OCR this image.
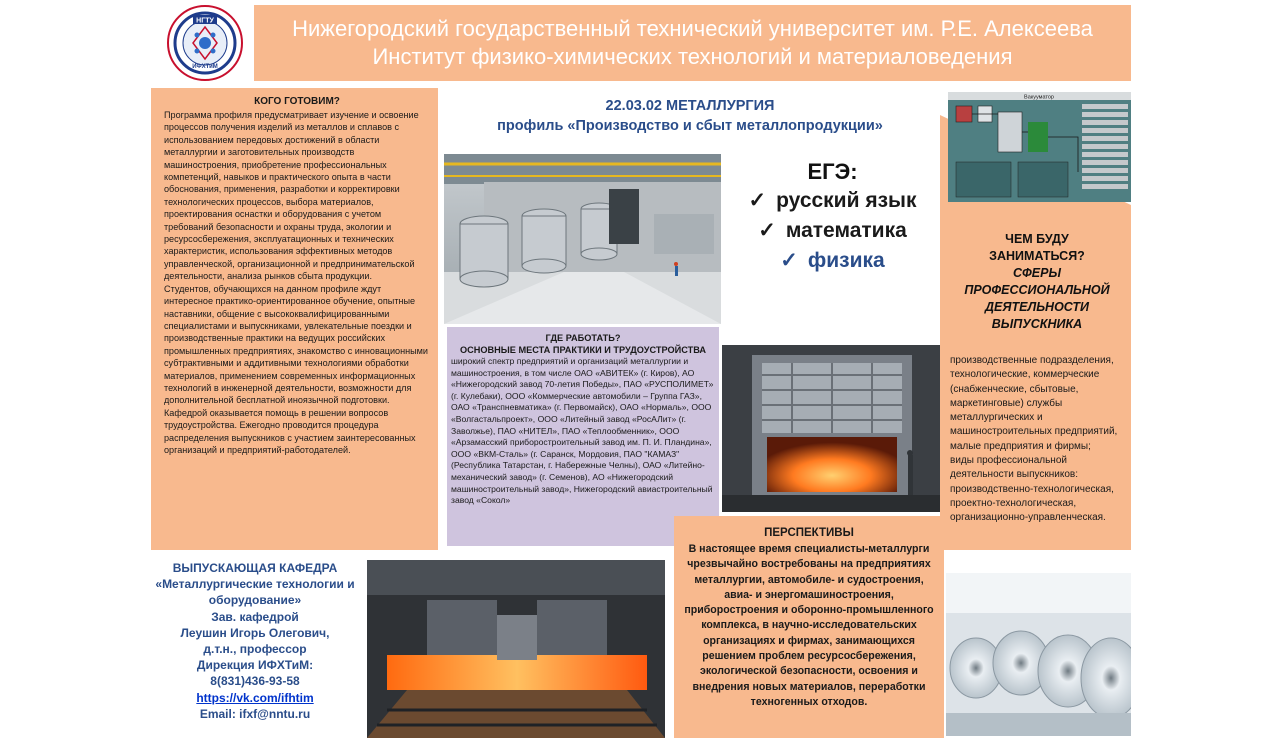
НГТУ
ИФХТиМ
Нижегородский государственный технический университет им. Р.Е. Алексеева
Институт физико-химических технологий и материаловедения
КОГО ГОТОВИМ?

Программа профиля предусматривает изучение и освоение процессов получения изделий из металлов и сплавов с использованием передовых достижений в области металлургии и заготовительных производств машиностроения, приобретение профессиональных компетенций, навыков и практического опыта в части обоснования, применения, разработки и корректировки технологических процессов, выбора материалов, проектирования оснастки и оборудования с учетом требований безопасности и охраны труда, экологии и ресурсосбережения, эксплуатационных и технических характеристик, использования эффективных методов управленческой, организационной и предпринимательской деятельности, анализа рынков сбыта продукции.

Студентов, обучающихся на данном профиле ждут интересное практико-ориентированное обучение, опытные наставники, общение с высококвалифицированными специалистами и выпускниками, увлекательные поездки и производственные практики на ведущих российских промышленных предприятиях, знакомство с инновационными субтрактивными и аддитивными технологиями обработки материалов, применением современных информационных технологий в инженерной деятельности, возможности для дополнительной бесплатной иноязычной подготовки.

Кафедрой оказывается помощь в решении вопросов трудоустройства. Ежегодно проводится процедура распределения выпускников с участием заинтересованных организаций и предприятий-работодателей.

22.03.02 МЕТАЛЛУРГИЯ
профиль «Производство и сбыт металлопродукции»
ЕГЭ:
✓ русский язык
✓ математика
✓ физика
ГДЕ РАБОТАТЬ?
ОСНОВНЫЕ МЕСТА ПРАКТИКИ И ТРУДОУСТРОЙСТВА

широкий спектр предприятий и организаций металлургии и машиностроения, в том числе ОАО «АВИТЕК» (г. Киров), АО «Нижегородский завод 70-летия Победы», ПАО «РУСПОЛИМЕТ» (г. Кулебаки), ООО «Коммерческие автомобили – Группа ГАЗ», ОАО «Транспневматика» (г. Первомайск), ОАО «Нормаль», ООО «Волгастальпроект», ООО «Литейный завод «РосАЛит» (г. Заволжье), ПАО «НИТЕЛ», ПАО «Теплообменник», ООО «Арзамасский приборостроительный завод им. П. И. Пландина», ООО «ВКМ-Сталь» (г. Саранск, Мордовия, ПАО "КАМАЗ" (Республика Татарстан, г. Набережные Челны), ОАО «Литейно-механический завод» (г. Семенов), АО «Нижегородский машиностроительный завод», Нижегородский авиастроительный завод «Сокол»

Вакууматор
ЧЕМ БУДУ
ЗАНИМАТЬСЯ?
СФЕРЫ
ПРОФЕССИОНАЛЬНОЙ
ДЕЯТЕЛЬНОСТИ
ВЫПУСКНИКА
производственные подразделения, технологические, коммерческие (снабженческие, сбытовые, маркетинговые) службы металлургических и машиностроительных предприятий, малые предприятия и фирмы;
виды профессиональной деятельности выпускников: производственно-технологическая, проектно-технологическая, организационно-управленческая.
ПЕРСПЕКТИВЫ

В настоящее время специалисты-металлурги чрезвычайно востребованы на предприятиях металлургии, автомобиле- и судостроения, авиа- и энергомашиностроения, приборостроения и оборонно-промышленного комплекса, в научно-исследовательских организациях и фирмах, занимающихся решением проблем ресурсосбережения, экологической безопасности, освоения и внедрения новых материалов, переработки техногенных отходов.

ВЫПУСКАЮЩАЯ КАФЕДРА
«Металлургические технологии и оборудование»
Зав. кафедрой
Леушин Игорь Олегович,
д.т.н., профессор
Дирекция ИФХТиМ:
8(831)436-93-58
https://vk.com/ifhtim
Email: ifxf@nntu.ru
